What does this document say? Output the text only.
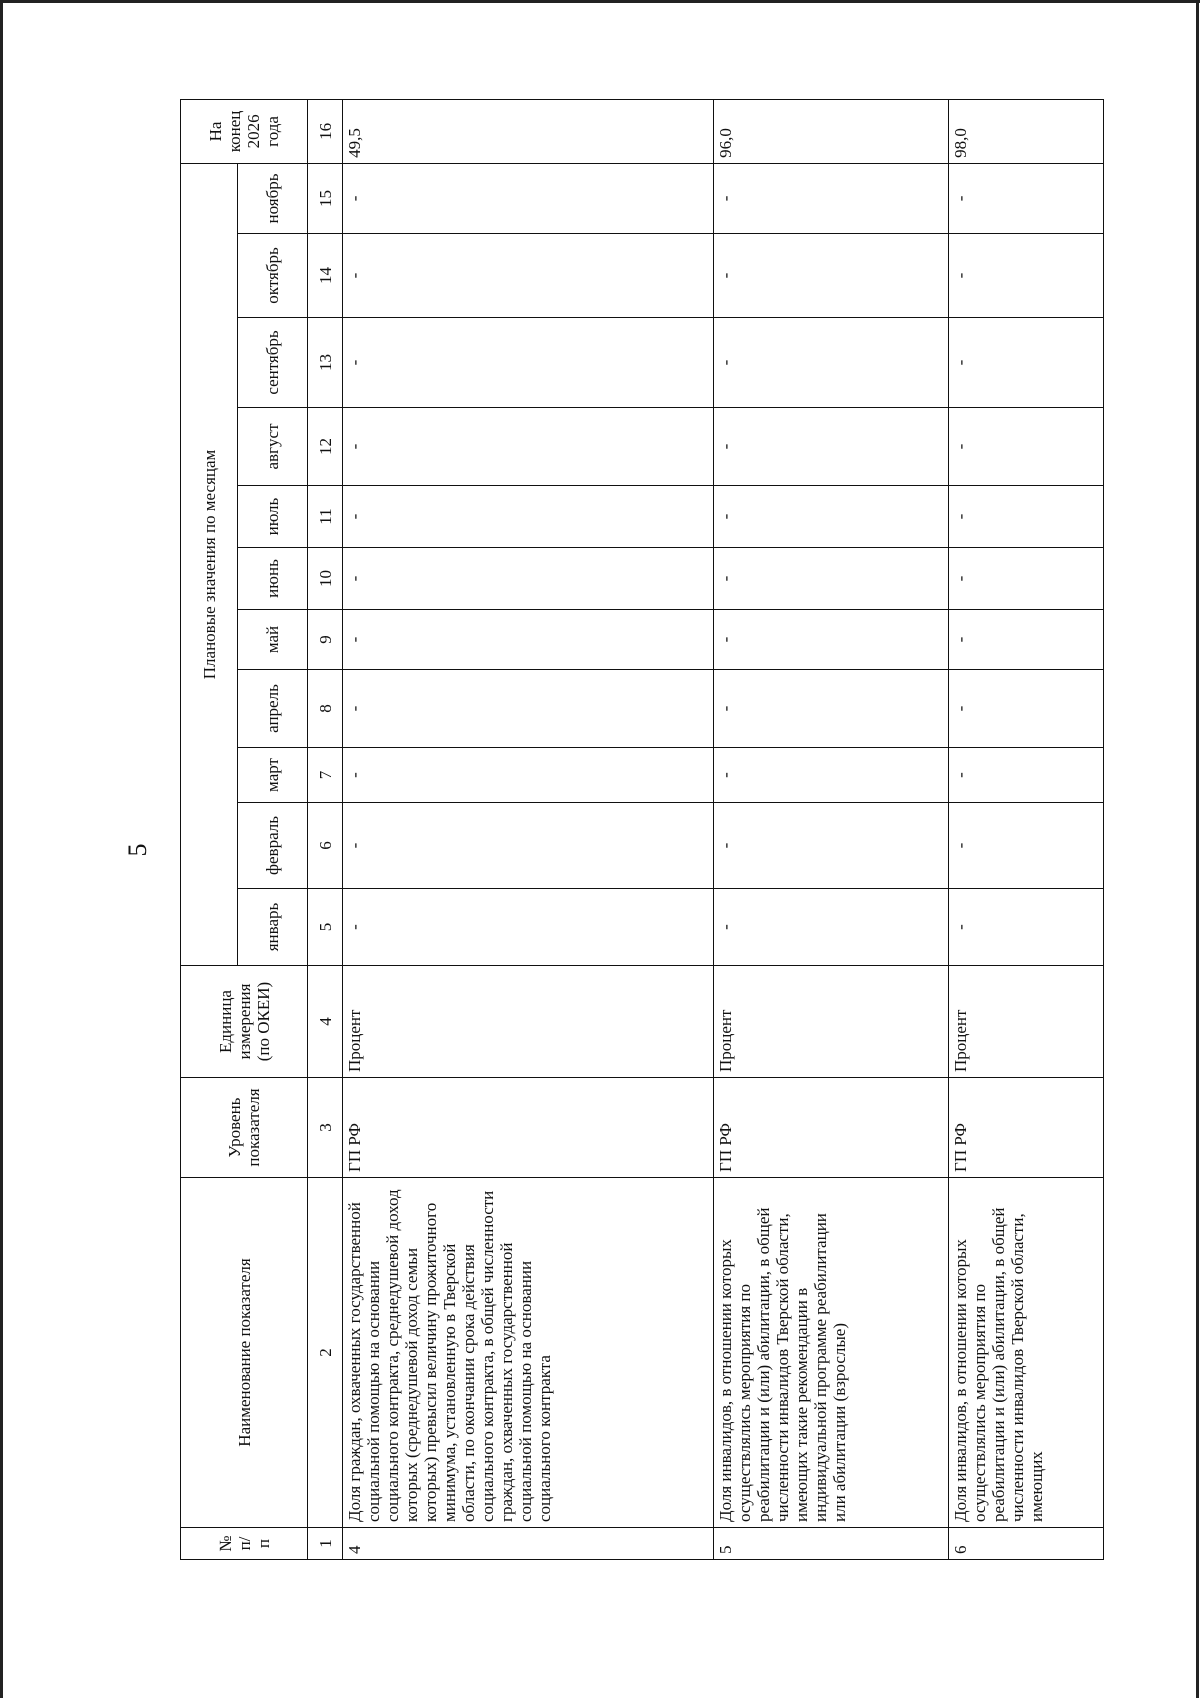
5
№ п/п	Наименование показателя	Уровень показателя	Единица измерения (по ОКЕИ)	Плановые значения по месяцам											На конец 2026 года
				январь	февраль	март	апрель	май	июнь	июль	август	сентябрь	октябрь	ноябрь	
1	2	3	4	5	6	7	8	9	10	11	12	13	14	15	16
4	Доля граждан, охваченных государственной социальной помощью на основании социального контракта, среднедушевой доход которых (среднедушевой доход семьи которых) превысил величину прожиточного минимума, установленную в Тверской области, по окончании срока действия социального контракта, в общей численности граждан, охваченных государственной социальной помощью на основании социального контракта	ГП РФ	Процент	-	-	-	-	-	-	-	-	-	-	-	49,5
5	Доля инвалидов, в отношении которых осуществлялись мероприятия по реабилитации и (или) абилитации, в общей численности инвалидов Тверской области, имеющих такие рекомендации в индивидуальной программе реабилитации или абилитации (взрослые)	ГП РФ	Процент	-	-	-	-	-	-	-	-	-	-	-	96,0
6	Доля инвалидов, в отношении которых осуществлялись мероприятия по реабилитации и (или) абилитации, в общей численности инвалидов Тверской области, имеющих	ГП РФ	Процент	-	-	-	-	-	-	-	-	-	-	-	98,0
